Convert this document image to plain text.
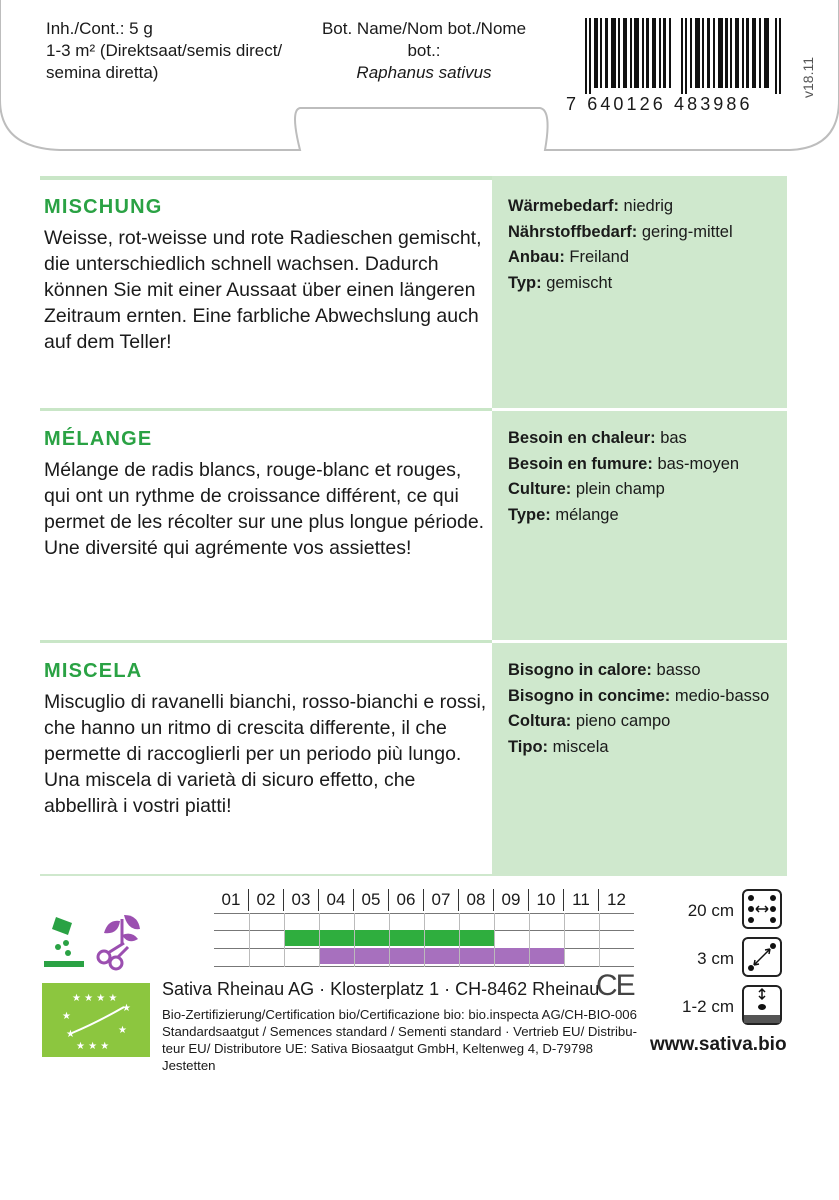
Inh./Cont.: 5 g
1-3 m² (Direktsaat/semis direct/
semina diretta)
Bot. Name/Nom bot./Nome bot.:
Raphanus sativus
7 640126 483986
v18.11
MISCHUNG
Weisse, rot-weisse und rote Radieschen gemischt, die unterschiedlich schnell wachsen. Dadurch können Sie mit einer Aussaat über einen längeren Zeitraum ernten. Eine farbliche Abwechslung auch auf dem Teller!
Wärmebedarf: niedrig
Nährstoffbedarf: gering-mittel
Anbau: Freiland
Typ: gemischt
MÉLANGE
Mélange de radis blancs, rouge-blanc et rouges, qui ont un rythme de croissance différent, ce qui permet de les récolter sur une plus longue période. Une diversité qui agrémente vos assiettes!
Besoin en chaleur: bas
Besoin en fumure: bas-moyen
Culture: plein champ
Type: mélange
MISCELA
Miscuglio di ravanelli bianchi, rosso-bianchi e rossi, che hanno un ritmo di crescita differente, il che permette di raccoglierli per un periodo più lungo. Una miscela di varietà di sicuro effetto, che abbellirà i vostri piatti!
Bisogno in calore: basso
Bisogno in concime: medio-basso
Coltura: pieno campo
Tipo: miscela
01 02 03 04 05 06 07 08 09 10 11	12
20 cm
3 cm
1-2 cm
★ ★ ★ ★
★
★
★	★
★ ★ ★
Sativa Rheinau AG · Klosterplatz 1 · CH-8462 Rheinau
CE
Bio-Zertifizierung/Certification bio/Certificazione bio: bio.inspecta AG/CH-BIO-006
Standardsaatgut / Semences standard / Sementi standard · Vertrieb EU/ Distribu-
teur EU/ Distributore UE: Sativa Biosaatgut GmbH, Keltenweg 4, D-79798 Jestetten
www.sativa.bio
